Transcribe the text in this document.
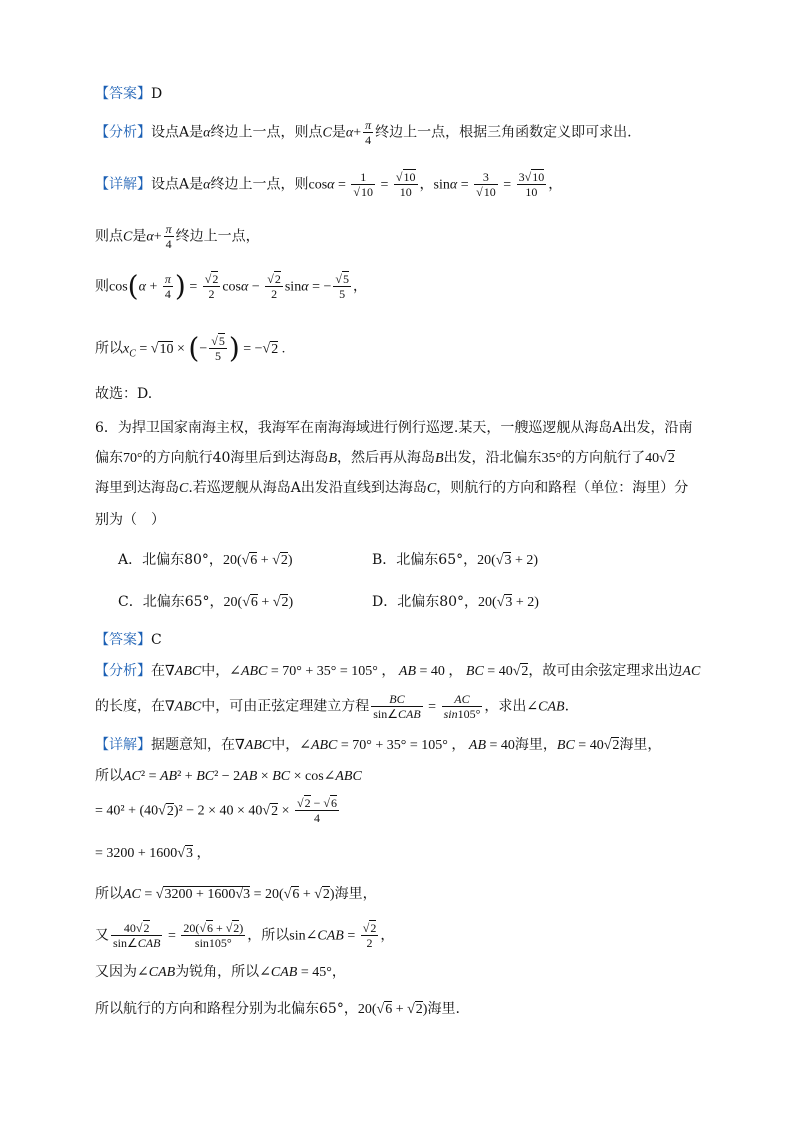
【答案】D
【分析】设点A是α终边上一点，则点C是$\alpha+ \frac{\pi}{4}$ 终边上一点，根据三角函数定义即可求出.
【详解】设点A是α终边上一点，则$\cos\alpha = \frac{1}{√10} = \frac{√10}{10}$ ，$\sin\alpha = \frac{3}{√10} = \frac{3√10}{10}$ ，
则点C是$\alpha+ \frac{\pi}{4}$ 终边上一点，
则$\cos(\alpha + \frac{\pi}{4}$ ) = $\frac{√2}{2}$ $\cos\alpha - \frac{√2}{2}$ sinα = − $\frac{√5}{5}$ ，
所以$x_C = √10$ × (− $\frac{√5}{5}$ ) = −√2 .
故选：D.
6．为捍卫国家南海主权，我海军在南海海域进行例行巡逻.某天，一艘巡逻舰从海岛A出发，沿南
偏东70°的方向航行40海里后到达海岛B，然后再从海岛B出发，沿北偏东35°的方向航行了40√2
海里到达海岛C.若巡逻舰从海岛A出发沿直线到达海岛C，则航行的方向和路程（单位：海里）分
别为（　）
A．北偏东80°，20(√6 + √2)	B．北偏东65°，20(√3 + 2)
C．北偏东65°，20(√6 + √2)	D．北偏东80°，20(√3 + 2)
【答案】C
【分析】在∇ABC中，∠ABC = 70° + 35° = 105° ， AB = 40 ， BC = 40√2，故可由余弦定理求出边AC
的长度，在∇ABC中，可由正弦定理建立方程 $\frac{BC}{\text{sin∠CAB}} = \frac{AC}{\sin 105^\circ}$ ，求出∠CAB.
【详解】据题意知，在∇ABC中，∠ABC = 70° + 35° = 105° ， AB = 40海里，BC = 40√2海里，
所以AC² = AB² + BC² − 2AB × BC × cos∠ABC
= $40^2 + (40√2)^2 - 2 \times 40 \times 40√2 \times \frac{√2 - √6}{4}$
= 3200 + 1600√3 ，
所以AC = √3200 + 1600√3 = 20(√6 + √2)海里，
又 $\frac{40√2}{\text{sin∠CAB}} = \frac{20(√6 + √2)}{\sin 105^\circ}$ ，所以sin∠CAB = $\frac{√2}{2}$ ，
又因为∠CAB为锐角，所以∠CAB = 45°，
所以航行的方向和路程分别为北偏东65°，20(√6 + √2)海里.
